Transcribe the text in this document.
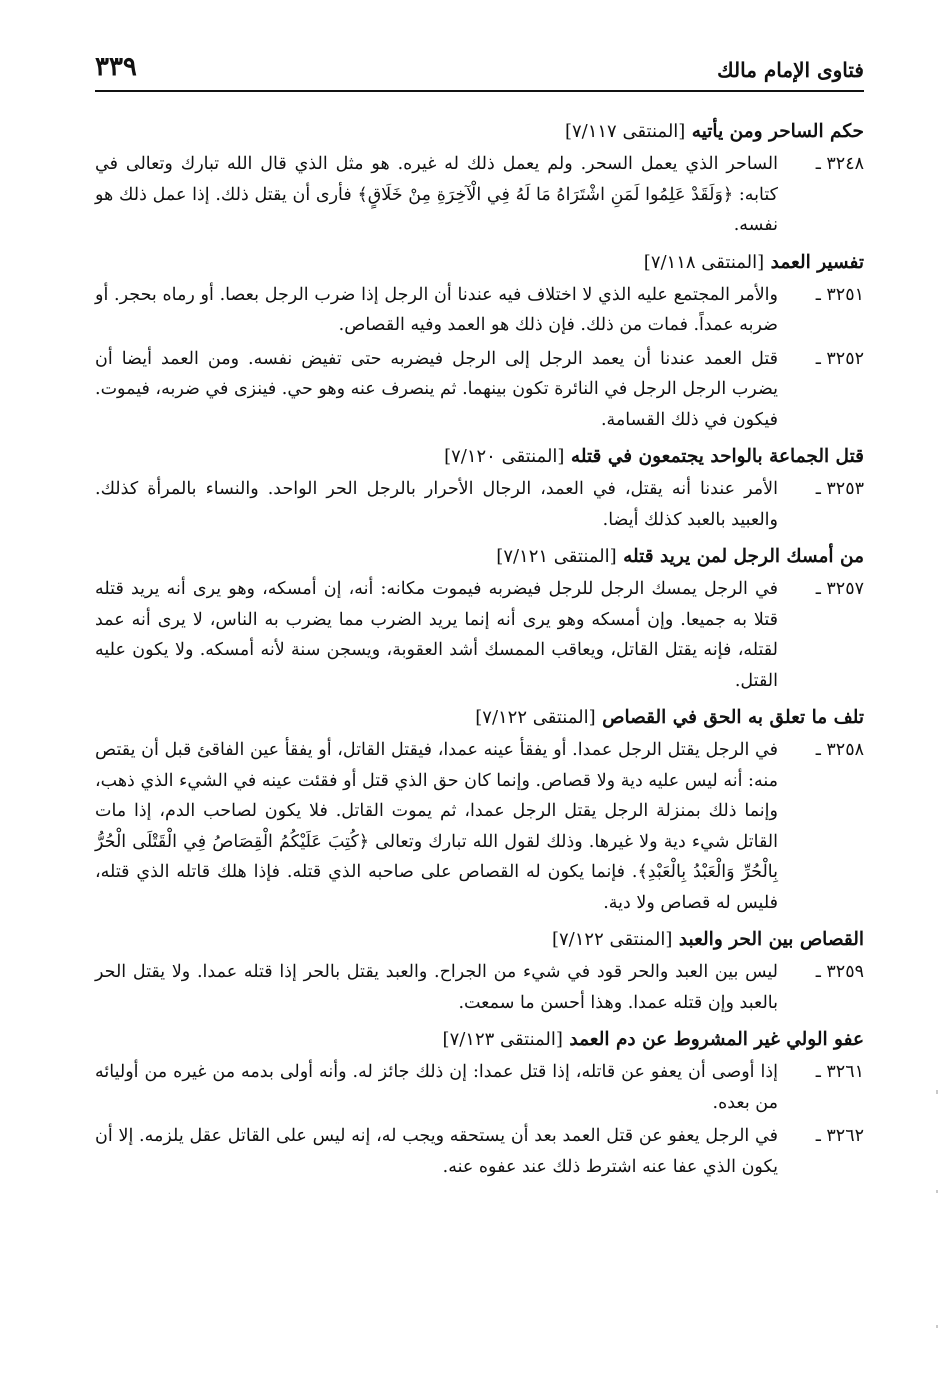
فتاوى الإمام مالك
٣٣٩
حكم الساحر ومن يأتيه [المنتقى ٧/١١٧]
٣٢٤٨ ـ
الساحر الذي يعمل السحر. ولم يعمل ذلك له غيره. هو مثل الذي قال الله تبارك وتعالى في كتابه: ﴿وَلَقَدْ عَلِمُوا لَمَنِ اشْتَرَاهُ مَا لَهُ فِي الْآخِرَةِ مِنْ خَلَاقٍ﴾ فأرى أن يقتل ذلك. إذا عمل ذلك هو نفسه.
تفسير العمد [المنتقى ٧/١١٨]
٣٢٥١ ـ
والأمر المجتمع عليه الذي لا اختلاف فيه عندنا أن الرجل إذا ضرب الرجل بعصا. أو رماه بحجر. أو ضربه عمداً. فمات من ذلك. فإن ذلك هو العمد وفيه القصاص.
٣٢٥٢ ـ
قتل العمد عندنا أن يعمد الرجل إلى الرجل فيضربه حتى تفيض نفسه. ومن العمد أيضا أن يضرب الرجل الرجل في النائرة تكون بينهما. ثم ينصرف عنه وهو حي. فينزى في ضربه، فيموت. فيكون في ذلك القسامة.
قتل الجماعة بالواحد يجتمعون في قتله [المنتقى ٧/١٢٠]
٣٢٥٣ ـ
الأمر عندنا أنه يقتل، في العمد، الرجال الأحرار بالرجل الحر الواحد. والنساء بالمرأة كذلك. والعبيد بالعبد كذلك أيضا.
من أمسك الرجل لمن يريد قتله [المنتقى ٧/١٢١]
٣٢٥٧ ـ
في الرجل يمسك الرجل للرجل فيضربه فيموت مكانه: أنه، إن أمسكه، وهو يرى أنه يريد قتله قتلا به جميعا. وإن أمسكه وهو يرى أنه إنما يريد الضرب مما يضرب به الناس، لا يرى أنه عمد لقتله، فإنه يقتل القاتل، ويعاقب الممسك أشد العقوبة، ويسجن سنة لأنه أمسكه. ولا يكون عليه القتل.
تلف ما تعلق به الحق في القصاص [المنتقى ٧/١٢٢]
٣٢٥٨ ـ
في الرجل يقتل الرجل عمدا. أو يفقأ عينه عمدا، فيقتل القاتل، أو يفقأ عين الفاقئ قبل أن يقتص منه: أنه ليس عليه دية ولا قصاص. وإنما كان حق الذي قتل أو فقئت عينه في الشيء الذي ذهب، وإنما ذلك بمنزلة الرجل يقتل الرجل عمدا، ثم يموت القاتل. فلا يكون لصاحب الدم، إذا مات القاتل شيء دية ولا غيرها. وذلك لقول الله تبارك وتعالى ﴿كُتِبَ عَلَيْكُمُ الْقِصَاصُ فِي الْقَتْلَى الْحُرُّ بِالْحُرِّ وَالْعَبْدُ بِالْعَبْدِ﴾. فإنما يكون له القصاص على صاحبه الذي قتله. فإذا هلك قاتله الذي قتله، فليس له قصاص ولا دية.
القصاص بين الحر والعبد [المنتقى ٧/١٢٢]
٣٢٥٩ ـ
ليس بين العبد والحر قود في شيء من الجراح. والعبد يقتل بالحر إذا قتله عمدا. ولا يقتل الحر بالعبد وإن قتله عمدا. وهذا أحسن ما سمعت.
عفو الولي غير المشروط عن دم العمد [المنتقى ٧/١٢٣]
٣٢٦١ ـ
إذا أوصى أن يعفو عن قاتله، إذا قتل عمدا: إن ذلك جائز له. وأنه أولى بدمه من غيره من أوليائه من بعده.
٣٢٦٢ ـ
في الرجل يعفو عن قتل العمد بعد أن يستحقه ويجب له، إنه ليس على القاتل عقل يلزمه. إلا أن يكون الذي عفا عنه اشترط ذلك عند عفوه عنه.
